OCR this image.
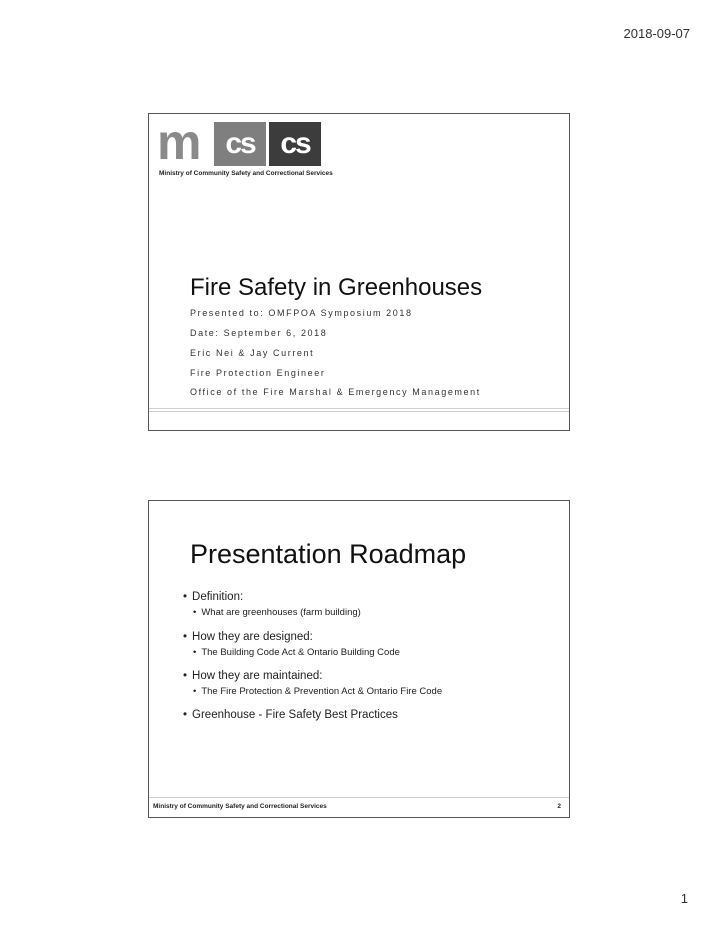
2018-09-07
m cs cs
Ministry of Community Safety and Correctional Services
Fire Safety in Greenhouses
Presented to: OMFPOA Symposium 2018
Date: September 6, 2018
Eric Nei & Jay Current
Fire Protection Engineer
Office of the Fire Marshal & Emergency Management
Presentation Roadmap
• Definition:
• What are greenhouses (farm building)
• How they are designed:
• The Building Code Act & Ontario Building Code
• How they are maintained:
• The Fire Protection & Prevention Act & Ontario Fire Code
• Greenhouse - Fire Safety Best Practices
Ministry of Community Safety and Correctional Services	2
1
